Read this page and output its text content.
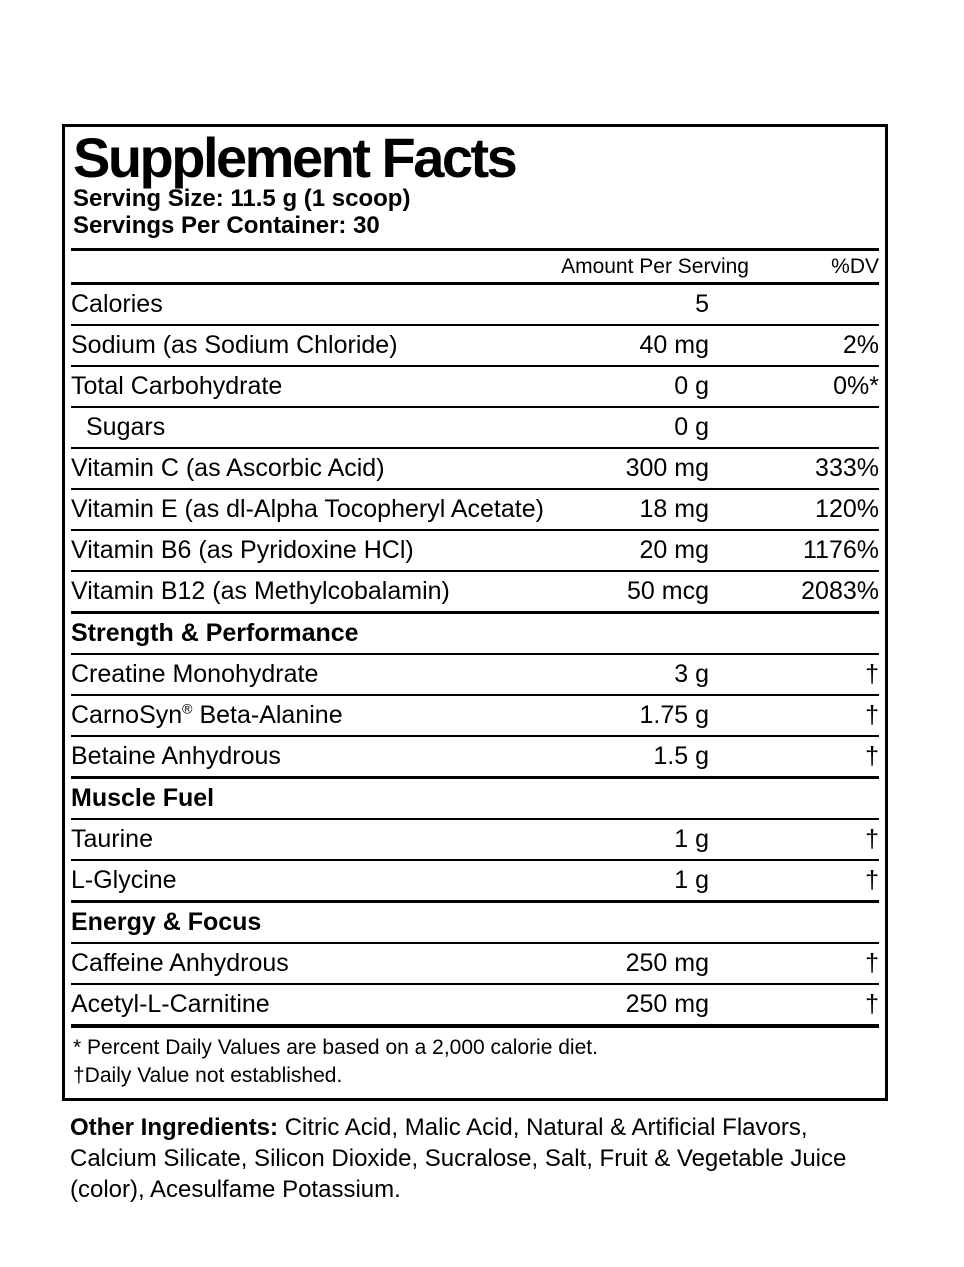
Supplement Facts
Serving Size: 11.5 g (1 scoop)
Servings Per Container: 30
Amount Per Serving	%DV
Calories	5
Sodium (as Sodium Chloride)	40 mg	2%
Total Carbohydrate	0 g	0%*
Sugars	0 g
Vitamin C (as Ascorbic Acid)	300 mg	333%
Vitamin E (as dl-Alpha Tocopheryl Acetate)	18 mg	120%
Vitamin B6 (as Pyridoxine HCl)	20 mg	1176%
Vitamin B12 (as Methylcobalamin)	50 mcg	2083%
Strength & Performance
Creatine Monohydrate	3 g	†
CarnoSyn® Beta-Alanine	1.75 g	†
Betaine Anhydrous	1.5 g	†
Muscle Fuel
Taurine	1 g	†
L-Glycine	1 g	†
Energy & Focus
Caffeine Anhydrous	250 mg	†
Acetyl-L-Carnitine	250 mg	†
* Percent Daily Values are based on a 2,000 calorie diet.
†Daily Value not established.
Other Ingredients: Citric Acid, Malic Acid, Natural & Artificial Flavors,
Calcium Silicate, Silicon Dioxide, Sucralose, Salt, Fruit & Vegetable Juice
(color), Acesulfame Potassium.
